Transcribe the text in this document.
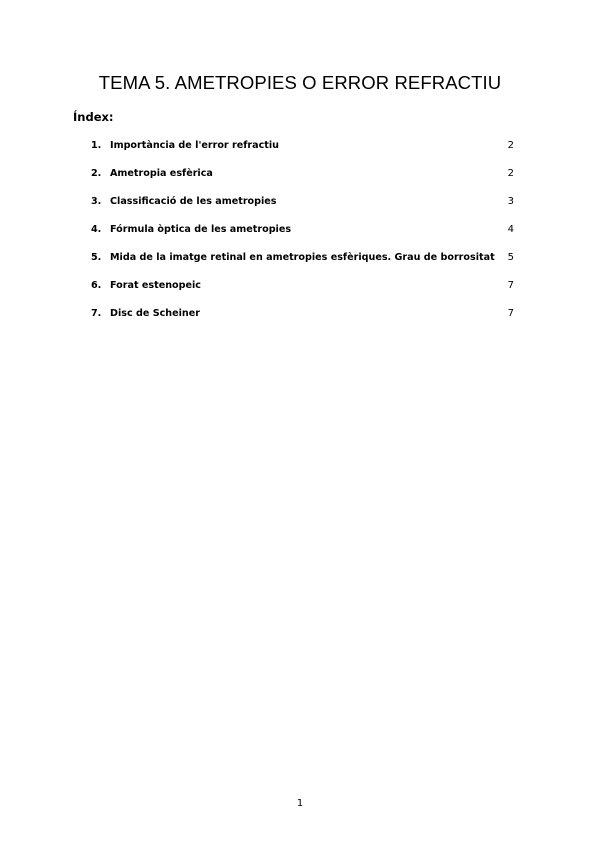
TEMA 5. AMETROPIES O ERROR REFRACTIU
Índex:
1. Importància de l'error refractiu	2
2. Ametropia esfèrica	2
3. Classificació de les ametropies	3
4. Fórmula òptica de les ametropies	4
5. Mida de la imatge retinal en ametropies esfèriques. Grau de borrositat 5
6. Forat estenopeic	7
7. Disc de Scheiner	7
1
